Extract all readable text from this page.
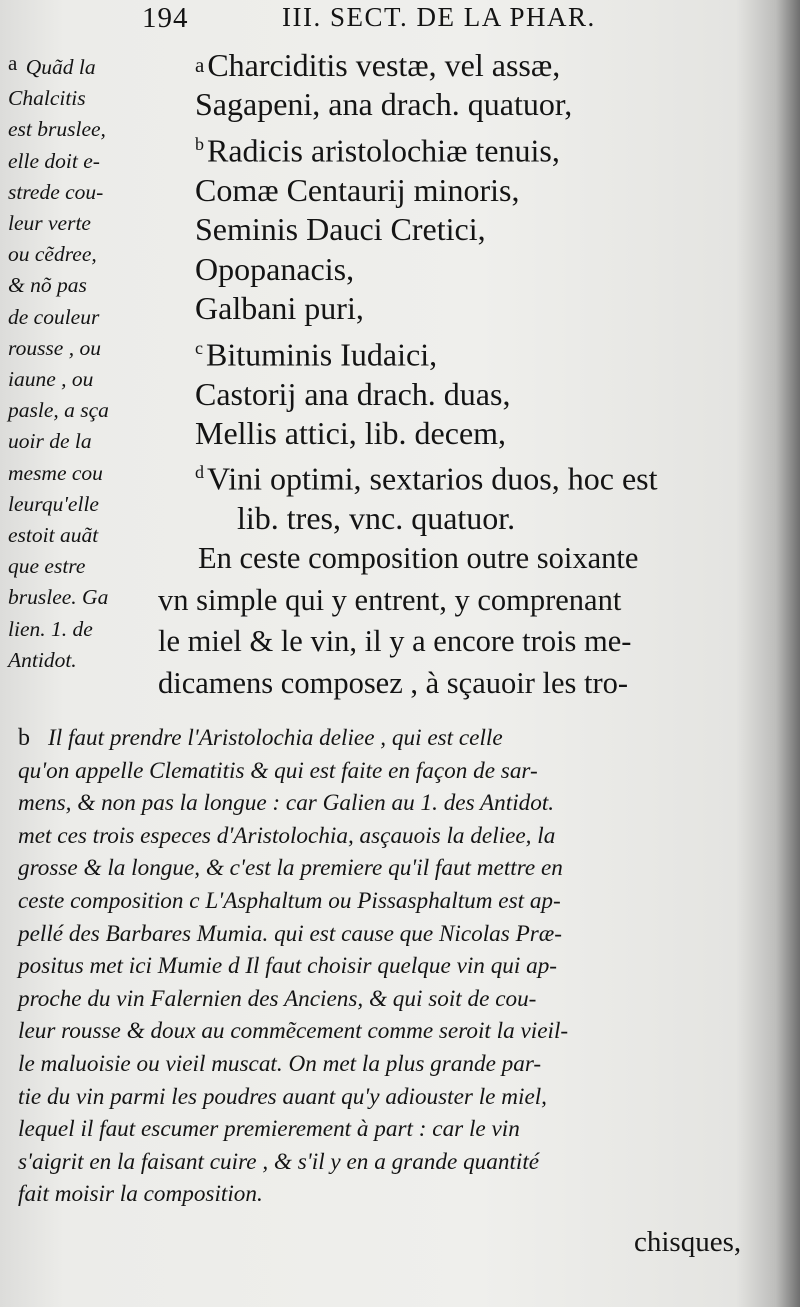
194	III. SECT. DE LA PHAR.
a Quãd la
Chalcitis
est bruslee,
elle doit e-
strede cou-
leur verte
ou cẽdree,
& nõ pas
de couleur
rousse , ou
iaune , ou
pasle, a sça
uoir de la
mesme cou
leurqu'elle
estoit auãt
que estre
bruslee. Ga
lien. 1. de
Antidot.
aCharciditis vestæ, vel assæ,
Sagapeni, ana drach. quatuor,
$^b$Radicis aristolochiæ tenuis,
Comæ Centaurij minoris,
Seminis Dauci Cretici,
Opopanacis,
Galbani puri,
$^c$Bituminis Iudaici,
Castorij ana drach. duas,
Mellis attici, lib. decem,
$^d$Vini optimi, sextarios duos, hoc est
lib. tres, vnc. quatuor.
En ceste composition outre soixante
vn simple qui y entrent, y comprenant
le miel & le vin, il y a encore trois me-
dicamens composez , à sçauoir les tro-
b Il faut prendre l'Aristolochia deliee , qui est celle
qu'on appelle Clematitis & qui est faite en façon de sar-
mens, & non pas la longue : car Galien au 1. des Antidot.
met ces trois especes d'Aristolochia, asçauois la deliee, la
grosse & la longue, & c'est la premiere qu'il faut mettre en
ceste composition c L'Asphaltum ou Pissasphaltum est ap-
pellé des Barbares Mumia. qui est cause que Nicolas Præ-
positus met ici Mumie d Il faut choisir quelque vin qui ap-
proche du vin Falernien des Anciens, & qui soit de cou-
leur rousse & doux au commẽcement comme seroit la vieil-
le maluoisie ou vieil muscat. On met la plus grande par-
tie du vin parmi les poudres auant qu'y adiouster le miel,
lequel il faut escumer premierement à part : car le vin
s'aigrit en la faisant cuire , & s'il y en a grande quantité
fait moisir la composition.
chisques,
